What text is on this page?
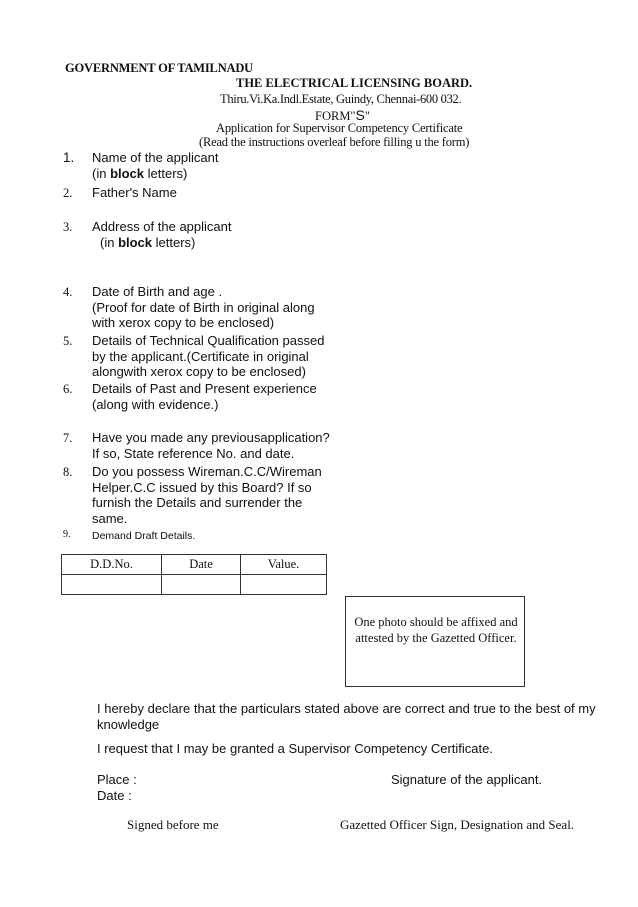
GOVERNMENT OF TAMILNADU
THE ELECTRICAL LICENSING BOARD.
Thiru.Vi.Ka.Indl.Estate, Guindy, Chennai-600 032.
FORM"S"
Application for Supervisor Competency Certificate
(Read the instructions overleaf before filling u the form)
1. Name of the applicant
(in block letters)
2. Father's Name
3. Address of the applicant
(in block letters)
4. Date of Birth and age .
(Proof for date of Birth in original along
with xerox copy to be enclosed)
5. Details of Technical Qualification passed
by the applicant.(Certificate in original
alongwith xerox copy to be enclosed)
6. Details of Past and Present experience
(along with evidence.)
7. Have you made any previousapplication?
If so, State reference No. and date.
8. Do you possess Wireman.C.C/Wireman
Helper.C.C issued by this Board? If so
furnish the Details and surrender the
same.
9. Demand Draft Details.
D.D.No.	Date	Value.

One photo should be affixed and
attested by the Gazetted Officer.
I hereby declare that the particulars stated above are correct and true to the best of my
knowledge
I request that I may be granted a Supervisor Competency Certificate.
Place :	Signature of the applicant.
Date :
Signed before me	Gazetted Officer Sign, Designation and Seal.
